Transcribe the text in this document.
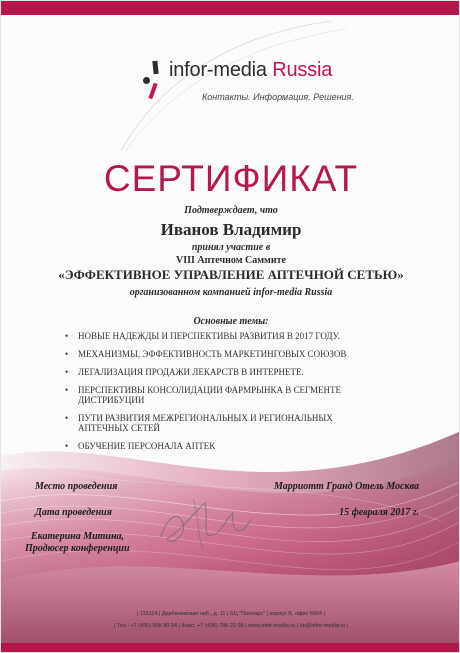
infor-media Russia
Контакты. Информация. Решения.
СЕРТИФИКАТ
Подтверждает, что
Иванов Владимир
принял участие в
VIII Аптечном Саммите
«ЭФФЕКТИВНОЕ УПРАВЛЕНИЕ АПТЕЧНОЙ СЕТЬЮ»
организованном компанией infor-media Russia
Основные темы:
• НОВЫЕ НАДЕЖДЫ И ПЕРСПЕКТИВЫ РАЗВИТИЯ В 2017 ГОДУ.
• МЕХАНИЗМЫ, ЭФФЕКТИВНОСТЬ МАРКЕТИНГОВЫХ СОЮЗОВ
• ЛЕГАЛИЗАЦИЯ ПРОДАЖИ ЛЕКАРСТВ В ИНТЕРНЕТЕ.
• ПЕРСПЕКТИВЫ КОНСОЛИДАЦИИ ФАРМРЫНКА В СЕГМЕНТЕ ДИСТРИБУЦИИ
• ПУТИ РАЗВИТИЯ МЕЖРЕГИОНАЛЬНЫХ И РЕГИОНАЛЬНЫХ АПТЕЧНЫХ СЕТЕЙ
• ОБУЧЕНИЕ ПЕРСОНАЛА АПТЕК
Место проведения	Марриотт Гранд Отель Москва
Дата проведения	15 февраля 2017 г.
Екатерина Митина,
Продюсер конференции
| 115114 | Дербеневская наб., д. 11 | БЦ "Полларс" | корпус Б, офис 6504 |
| Тел.: +7 (495) 995 80 04 | Факс: +7 (495) 786 22 06 | www.infor-media.ru | do@infor-media.ru |
